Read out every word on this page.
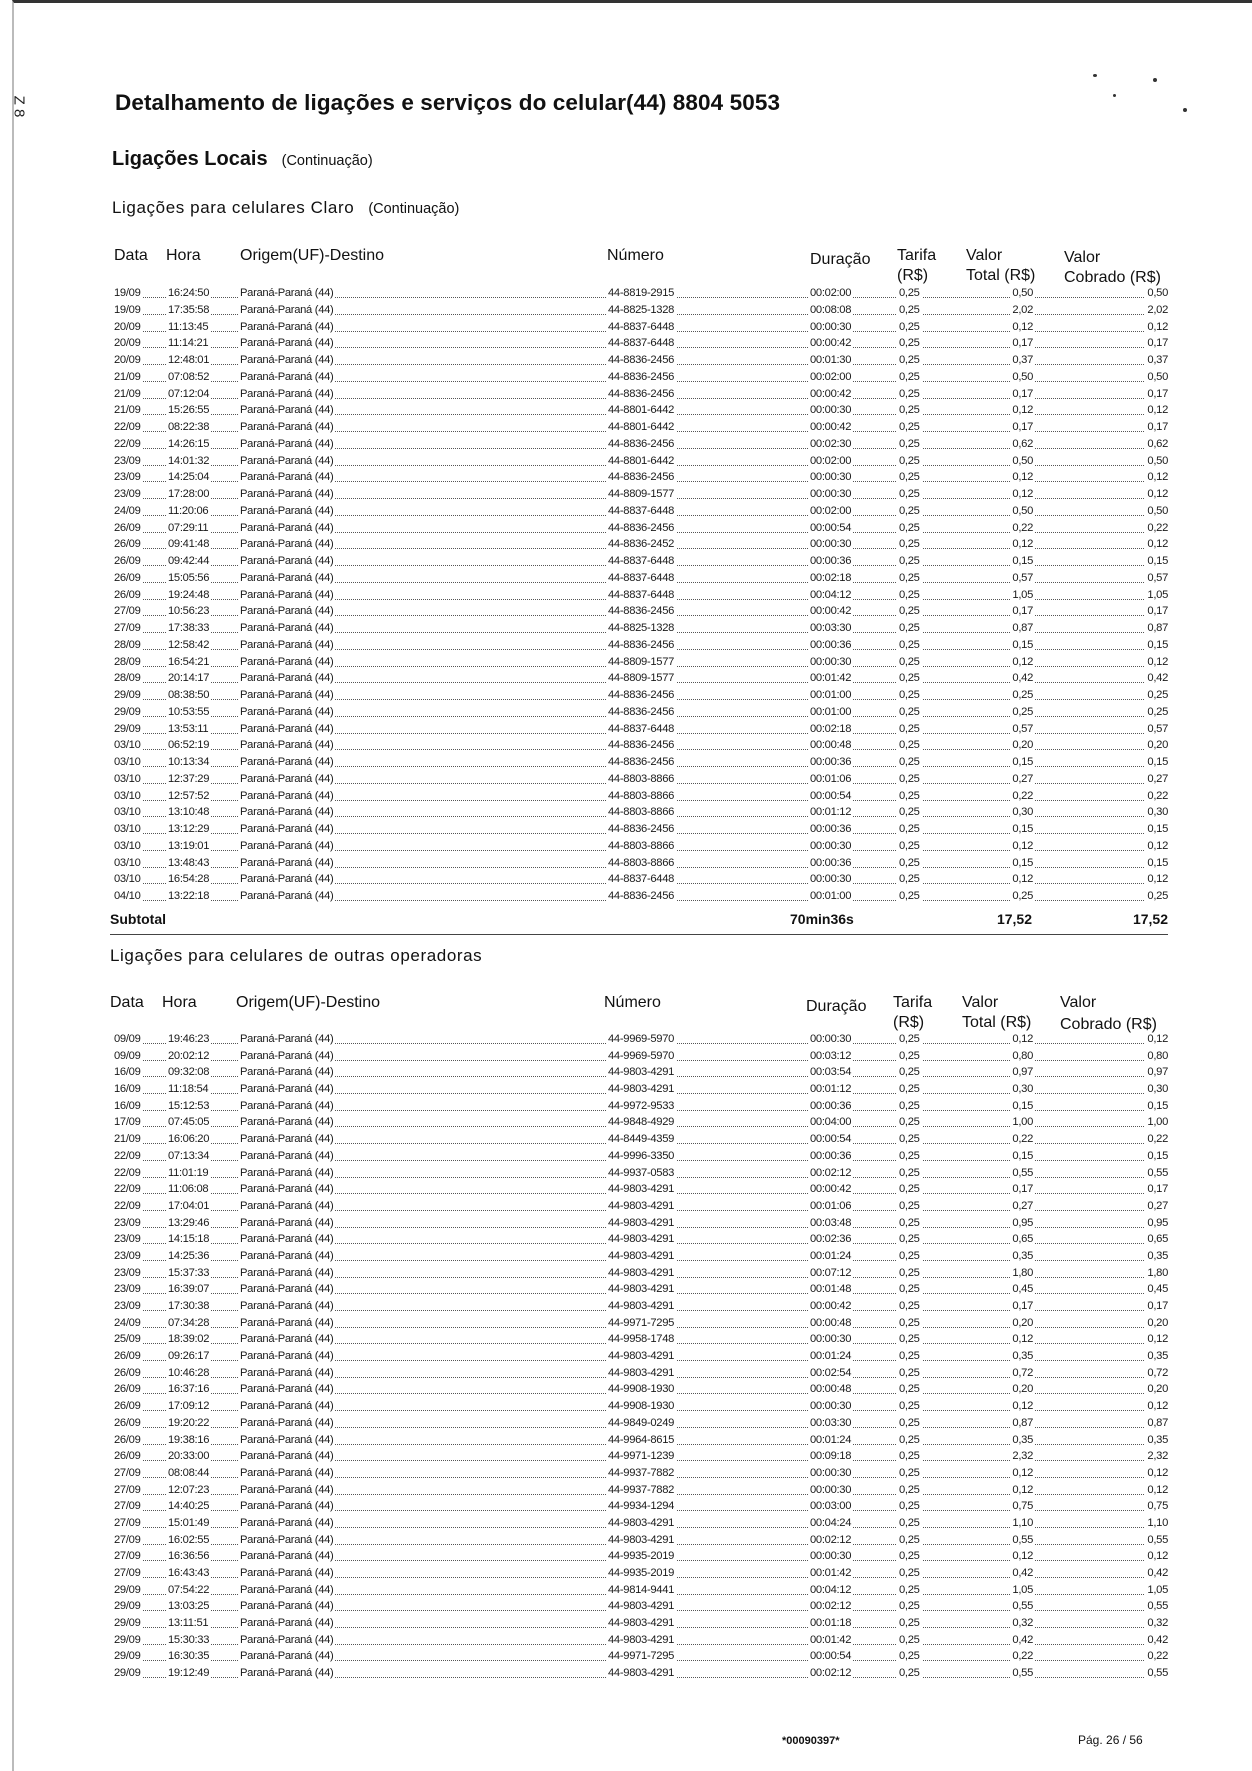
Z 8	Detalhamento de ligações e serviços do celular(44) 8804 5053
Ligações Locais (Continuação)
Ligações para celulares Claro (Continuação)
Data Hora Origem(UF)-Destino	Número	Duração Tarifa
(R$)
Valor
Total (R$)
Valor
Cobrado (R$)
19/09 16:24:50	Paraná-Paraná (44)	44-8819-2915	00:02:00	0,25	0,50	0,50
19/09 17:35:58	Paraná-Paraná (44)	44-8825-1328	00:08:08	0,25	2,02	2,02
20/09 11:13:45	Paraná-Paraná (44)	44-8837-6448	00:00:30	0,25	0,12	0,12
20/09 11:14:21	Paraná-Paraná (44)	44-8837-6448	00:00:42	0,25	0,17	0,17
20/09 12:48:01	Paraná-Paraná (44)	44-8836-2456	00:01:30	0,25	0,37	0,37
21/09 07:08:52	Paraná-Paraná (44)	44-8836-2456	00:02:00	0,25	0,50	0,50
21/09 07:12:04	Paraná-Paraná (44)	44-8836-2456	00:00:42	0,25	0,17	0,17
21/09 15:26:55	Paraná-Paraná (44)	44-8801-6442	00:00:30	0,25	0,12	0,12
22/09 08:22:38	Paraná-Paraná (44)	44-8801-6442	00:00:42	0,25	0,17	0,17
22/09 14:26:15	Paraná-Paraná (44)	44-8836-2456	00:02:30	0,25	0,62	0,62
23/09 14:01:32	Paraná-Paraná (44)	44-8801-6442	00:02:00	0,25	0,50	0,50
23/09 14:25:04	Paraná-Paraná (44)	44-8836-2456	00:00:30	0,25	0,12	0,12
23/09 17:28:00	Paraná-Paraná (44)	44-8809-1577	00:00:30	0,25	0,12	0,12
24/09 11:20:06	Paraná-Paraná (44)	44-8837-6448	00:02:00	0,25	0,50	0,50
26/09 07:29:11	Paraná-Paraná (44)	44-8836-2456	00:00:54	0,25	0,22	0,22
26/09 09:41:48	Paraná-Paraná (44)	44-8836-2452	00:00:30	0,25	0,12	0,12
26/09 09:42:44	Paraná-Paraná (44)	44-8837-6448	00:00:36	0,25	0,15	0,15
26/09 15:05:56	Paraná-Paraná (44)	44-8837-6448	00:02:18	0,25	0,57	0,57
26/09 19:24:48	Paraná-Paraná (44)	44-8837-6448	00:04:12	0,25	1,05	1,05
27/09 10:56:23	Paraná-Paraná (44)	44-8836-2456	00:00:42	0,25	0,17	0,17
27/09 17:38:33	Paraná-Paraná (44)	44-8825-1328	00:03:30	0,25	0,87	0,87
28/09 12:58:42	Paraná-Paraná (44)	44-8836-2456	00:00:36	0,25	0,15	0,15
28/09 16:54:21	Paraná-Paraná (44)	44-8809-1577	00:00:30	0,25	0,12	0,12
28/09 20:14:17	Paraná-Paraná (44)	44-8809-1577	00:01:42	0,25	0,42	0,42
29/09 08:38:50	Paraná-Paraná (44)	44-8836-2456	00:01:00	0,25	0,25	0,25
29/09 10:53:55	Paraná-Paraná (44)	44-8836-2456	00:01:00	0,25	0,25	0,25
29/09 13:53:11	Paraná-Paraná (44)	44-8837-6448	00:02:18	0,25	0,57	0,57
03/10 06:52:19	Paraná-Paraná (44)	44-8836-2456	00:00:48	0,25	0,20	0,20
03/10 10:13:34	Paraná-Paraná (44)	44-8836-2456	00:00:36	0,25	0,15	0,15
03/10 12:37:29	Paraná-Paraná (44)	44-8803-8866	00:01:06	0,25	0,27	0,27
03/10 12:57:52	Paraná-Paraná (44)	44-8803-8866	00:00:54	0,25	0,22	0,22
03/10 13:10:48	Paraná-Paraná (44)	44-8803-8866	00:01:12	0,25	0,30	0,30
03/10 13:12:29	Paraná-Paraná (44)	44-8836-2456	00:00:36	0,25	0,15	0,15
03/10 13:19:01	Paraná-Paraná (44)	44-8803-8866	00:00:30	0,25	0,12	0,12
03/10 13:48:43	Paraná-Paraná (44)	44-8803-8866	00:00:36	0,25	0,15	0,15
03/10 16:54:28	Paraná-Paraná (44)	44-8837-6448	00:00:30	0,25	0,12	0,12
04/10 13:22:18	Paraná-Paraná (44)	44-8836-2456	00:01:00	0,25	0,25	0,25
Subtotal	70min36s	17,52	17,52
Ligações para celulares de outras operadoras
Data Hora Origem(UF)-Destino	Número	Duração Tarifa
(R$)
Valor
Total (R$)
Valor
Cobrado (R$)
09/09 19:46:23	Paraná-Paraná (44)	44-9969-5970	00:00:30	0,25	0,12	0,12
09/09 20:02:12	Paraná-Paraná (44)	44-9969-5970	00:03:12	0,25	0,80	0,80
16/09 09:32:08	Paraná-Paraná (44)	44-9803-4291	00:03:54	0,25	0,97	0,97
16/09 11:18:54	Paraná-Paraná (44)	44-9803-4291	00:01:12	0,25	0,30	0,30
16/09 15:12:53	Paraná-Paraná (44)	44-9972-9533	00:00:36	0,25	0,15	0,15
17/09 07:45:05	Paraná-Paraná (44)	44-9848-4929	00:04:00	0,25	1,00	1,00
21/09 16:06:20	Paraná-Paraná (44)	44-8449-4359	00:00:54	0,25	0,22	0,22
22/09 07:13:34	Paraná-Paraná (44)	44-9996-3350	00:00:36	0,25	0,15	0,15
22/09 11:01:19	Paraná-Paraná (44)	44-9937-0583	00:02:12	0,25	0,55	0,55
22/09 11:06:08	Paraná-Paraná (44)	44-9803-4291	00:00:42	0,25	0,17	0,17
22/09 17:04:01	Paraná-Paraná (44)	44-9803-4291	00:01:06	0,25	0,27	0,27
23/09 13:29:46	Paraná-Paraná (44)	44-9803-4291	00:03:48	0,25	0,95	0,95
23/09 14:15:18	Paraná-Paraná (44)	44-9803-4291	00:02:36	0,25	0,65	0,65
23/09 14:25:36	Paraná-Paraná (44)	44-9803-4291	00:01:24	0,25	0,35	0,35
23/09 15:37:33	Paraná-Paraná (44)	44-9803-4291	00:07:12	0,25	1,80	1,80
23/09 16:39:07	Paraná-Paraná (44)	44-9803-4291	00:01:48	0,25	0,45	0,45
23/09 17:30:38	Paraná-Paraná (44)	44-9803-4291	00:00:42	0,25	0,17	0,17
24/09 07:34:28	Paraná-Paraná (44)	44-9971-7295	00:00:48	0,25	0,20	0,20
25/09 18:39:02	Paraná-Paraná (44)	44-9958-1748	00:00:30	0,25	0,12	0,12
26/09 09:26:17	Paraná-Paraná (44)	44-9803-4291	00:01:24	0,25	0,35	0,35
26/09 10:46:28	Paraná-Paraná (44)	44-9803-4291	00:02:54	0,25	0,72	0,72
26/09 16:37:16	Paraná-Paraná (44)	44-9908-1930	00:00:48	0,25	0,20	0,20
26/09 17:09:12	Paraná-Paraná (44)	44-9908-1930	00:00:30	0,25	0,12	0,12
26/09 19:20:22	Paraná-Paraná (44)	44-9849-0249	00:03:30	0,25	0,87	0,87
26/09 19:38:16	Paraná-Paraná (44)	44-9964-8615	00:01:24	0,25	0,35	0,35
26/09 20:33:00	Paraná-Paraná (44)	44-9971-1239	00:09:18	0,25	2,32	2,32
27/09 08:08:44	Paraná-Paraná (44)	44-9937-7882	00:00:30	0,25	0,12	0,12
27/09 12:07:23	Paraná-Paraná (44)	44-9937-7882	00:00:30	0,25	0,12	0,12
27/09 14:40:25	Paraná-Paraná (44)	44-9934-1294	00:03:00	0,25	0,75	0,75
27/09 15:01:49	Paraná-Paraná (44)	44-9803-4291	00:04:24	0,25	1,10	1,10
27/09 16:02:55	Paraná-Paraná (44)	44-9803-4291	00:02:12	0,25	0,55	0,55
27/09 16:36:56	Paraná-Paraná (44)	44-9935-2019	00:00:30	0,25	0,12	0,12
27/09 16:43:43	Paraná-Paraná (44)	44-9935-2019	00:01:42	0,25	0,42	0,42
29/09 07:54:22	Paraná-Paraná (44)	44-9814-9441	00:04:12	0,25	1,05	1,05
29/09 13:03:25	Paraná-Paraná (44)	44-9803-4291	00:02:12	0,25	0,55	0,55
29/09 13:11:51	Paraná-Paraná (44)	44-9803-4291	00:01:18	0,25	0,32	0,32
29/09 15:30:33	Paraná-Paraná (44)	44-9803-4291	00:01:42	0,25	0,42	0,42
29/09 16:30:35	Paraná-Paraná (44)	44-9971-7295	00:00:54	0,25	0,22	0,22
29/09 19:12:49	Paraná-Paraná (44)	44-9803-4291	00:02:12	0,25	0,55	0,55
*00090397*	Pág. 26 / 56
